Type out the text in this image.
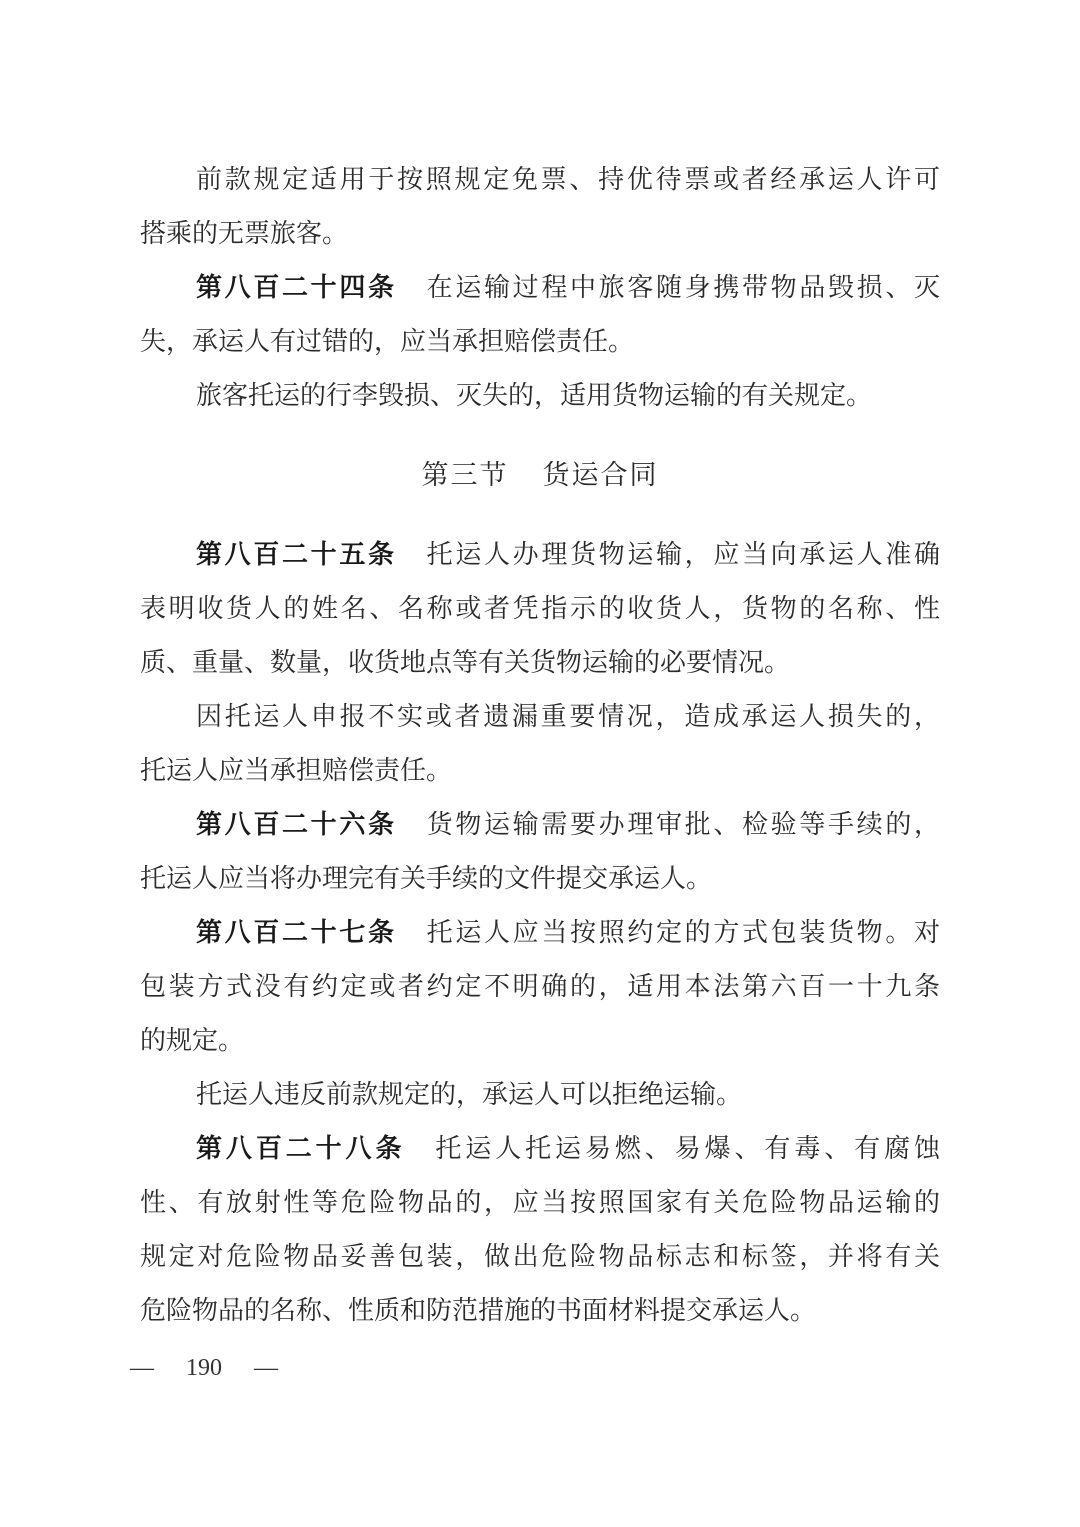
前款规定适用于按照规定免票、持优待票或者经承运人许可
搭乘的无票旅客。
第八百二十四条 在运输过程中旅客随身携带物品毁损、灭
失，承运人有过错的，应当承担赔偿责任。
旅客托运的行李毁损、灭失的，适用货物运输的有关规定。
第三节 货运合同
第八百二十五条 托运人办理货物运输，应当向承运人准确
表明收货人的姓名、名称或者凭指示的收货人，货物的名称、性
质、重量、数量，收货地点等有关货物运输的必要情况。
因托运人申报不实或者遗漏重要情况，造成承运人损失的，
托运人应当承担赔偿责任。
第八百二十六条 货物运输需要办理审批、检验等手续的，
托运人应当将办理完有关手续的文件提交承运人。
第八百二十七条 托运人应当按照约定的方式包装货物。对
包装方式没有约定或者约定不明确的，适用本法第六百一十九条
的规定。
托运人违反前款规定的，承运人可以拒绝运输。
第八百二十八条 托运人托运易燃、易爆、有毒、有腐蚀
性、有放射性等危险物品的，应当按照国家有关危险物品运输的
规定对危险物品妥善包装，做出危险物品标志和标签，并将有关
危险物品的名称、性质和防范措施的书面材料提交承运人。
— 190 —
